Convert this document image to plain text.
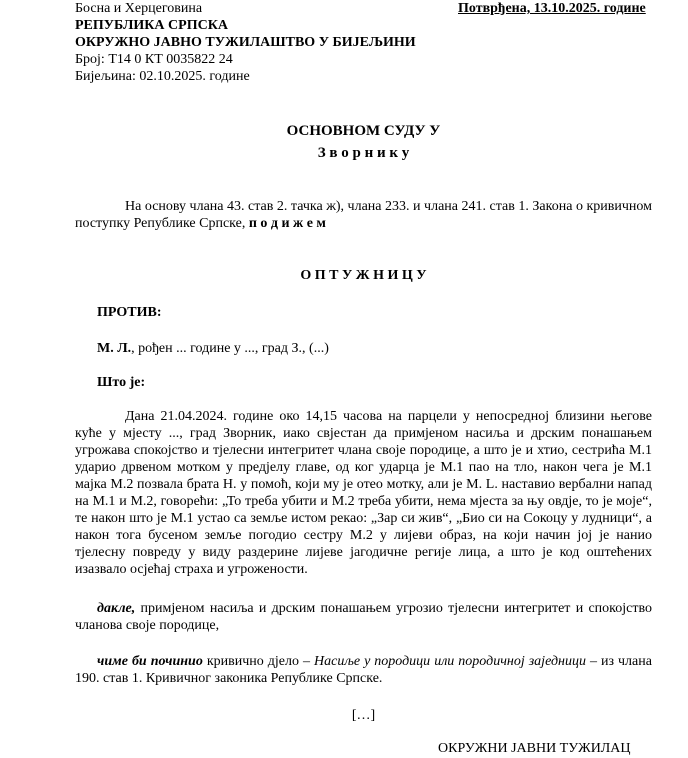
Босна и Херцеговина	Потврђена, 13.10.2025. године
РЕПУБЛИКА СРПСКА
ОКРУЖНО ЈАВНО ТУЖИЛАШТВО У БИЈЕЉИНИ
Број: Т14 0 КТ 0035822 24
Бијељина: 02.10.2025. године
ОСНОВНОМ СУДУ У
З в о р н и к у

На основу члана 43. став 2. тачка ж), члана 233. и члана 241. став 1. Закона о кривичном поступку Републике Српске, п о д и ж е м

О П Т У Ж Н И Ц У
ПРОТИВ:
М. Л., рођен ... године у ..., град З., (...)
Што је:

Дана 21.04.2024. године око 14,15 часова на парцели у непосредној близини његове куће у мјесту ..., град Зворник, иако свјестан да примјеном насиља и дрским понашањем угрожава спокојство и тјелесни интегритет члана своје породице, а што је и хтио, сестрића М.1 ударио дрвеном мотком у предјелу главе, од ког ударца је М.1 пао на тло, након чега је М.1 мајка М.2 позвала брата Н. у помоћ, који му је отео мотку, али је М. L. наставио вербални напад на М.1 и М.2, говорећи: „То треба убити и М.2 треба убити, нема мјеста за њу овдје, то је моје“, те након што је М.1 устао са земље истом рекао: „Зар си жив“, „Био си на Сокоцу у лудници“, а након тога бусеном земље погодио сестру М.2 у лијеви образ, на који начин јој је нанио тјелесну повреду у виду раздерине лијеве јагодичне регије лица, а што је код оштећених изазвало осјећај страха и угрожености.

дакле, примјеном насиља и дрским понашањем угрозио тјелесни интегритет и спокојство чланова своје породице,

чиме би починио кривично дјело – Насиље у породици или породичној заједници – из члана 190. став 1. Кривичног законика Републике Српске.

[…]
ОКРУЖНИ ЈАВНИ ТУЖИЛАЦ
